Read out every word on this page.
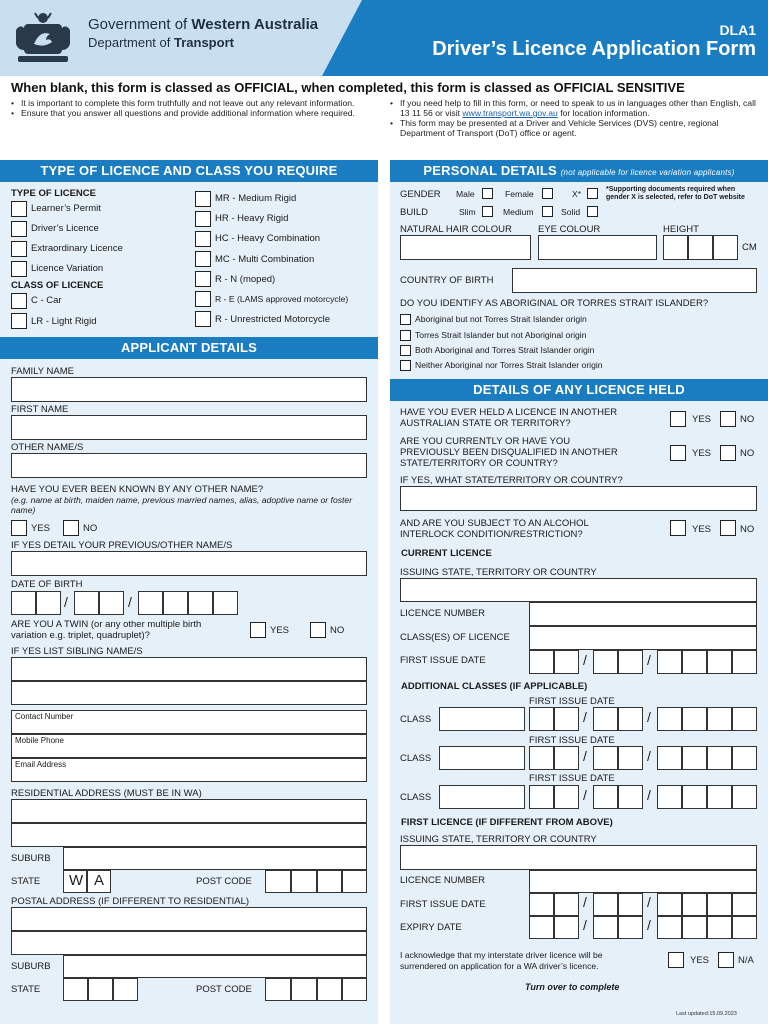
Government of Western Australia
Department of Transport
DLA1
Driver’s Licence Application Form
When blank, this form is classed as OFFICIAL, when completed, this form is classed as OFFICIAL SENSITIVE
• It is important to complete this form truthfully and not leave out any relevant information.
• Ensure that you answer all questions and provide additional information where required.
• If you need help to fill in this form, or need to speak to us in languages other than English, call 13 11 56 or visit www.transport.wa.gov.au for location information.
• This form may be presented at a Driver and Vehicle Services (DVS) centre, regional Department of Transport (DoT) office or agent.
TYPE OF LICENCE AND CLASS YOU REQUIRE
TYPE OF LICENCE
Learner’s Permit
Driver’s Licence
Extraordinary Licence
Licence Variation
CLASS OF LICENCE
C - Car
LR - Light Rigid
MR - Medium Rigid
HR - Heavy Rigid
HC - Heavy Combination
MC - Multi Combination
R - N (moped)
R - E (LAMS approved motorcycle)
R - Unrestricted Motorcycle
APPLICANT DETAILS
FAMILY NAME
FIRST NAME
OTHER NAME/S
HAVE YOU EVER BEEN KNOWN BY ANY OTHER NAME?
(e.g. name at birth, maiden name, previous married names, alias, adoptive name or foster name)
YES	NO
IF YES DETAIL YOUR PREVIOUS/OTHER NAME/S
DATE OF BIRTH
/	/
ARE YOU A TWIN (or any other multiple birth
variation e.g. triplet, quadruplet)?	YES	NO
IF YES LIST SIBLING NAME/S
Contact Number
Mobile Phone
Email Address
RESIDENTIAL ADDRESS (MUST BE IN WA)
SUBURB
STATE W A	POST CODE
POSTAL ADDRESS (IF DIFFERENT TO RESIDENTIAL)
SUBURB
STATE	POST CODE
PERSONAL DETAILS (not applicable for licence variation applicants)
GENDER Male	Female	X*	*Supporting documents required when gender X is selected, refer to DoT website
BUILD	Slim	Medium	Solid
NATURAL HAIR COLOUR	EYE COLOUR	HEIGHT
CM
COUNTRY OF BIRTH
DO YOU IDENTIFY AS ABORIGINAL OR TORRES STRAIT ISLANDER?
Aboriginal but not Torres Strait Islander origin
Torres Strait Islander but not Aboriginal origin
Both Aboriginal and Torres Strait Islander origin
Neither Aboriginal nor Torres Strait Islander origin
DETAILS OF ANY LICENCE HELD
HAVE YOU EVER HELD A LICENCE IN ANOTHER
AUSTRALIAN STATE OR TERRITORY?	YES	NO
ARE YOU CURRENTLY OR HAVE YOU
PREVIOUSLY BEEN DISQUALIFIED IN ANOTHER
STATE/TERRITORY OR COUNTRY?
YES	NO
IF YES, WHAT STATE/TERRITORY OR COUNTRY?
AND ARE YOU SUBJECT TO AN ALCOHOL
INTERLOCK CONDITION/RESTRICTION?	YES	NO
CURRENT LICENCE
ISSUING STATE, TERRITORY OR COUNTRY
LICENCE NUMBER
CLASS(ES) OF LICENCE
FIRST ISSUE DATE	/	/
ADDITIONAL CLASSES (IF APPLICABLE)
FIRST ISSUE DATE
CLASS	/	/
FIRST ISSUE DATE
CLASS	/	/
FIRST ISSUE DATE
CLASS	/	/
FIRST LICENCE (IF DIFFERENT FROM ABOVE)
ISSUING STATE, TERRITORY OR COUNTRY
LICENCE NUMBER
FIRST ISSUE DATE	/	/
EXPIRY DATE	/	/
I acknowledge that my interstate driver licence will be
surrendered on application for a WA driver’s licence.	YES	N/A
Turn over to complete
Last updated:15.09.2023
